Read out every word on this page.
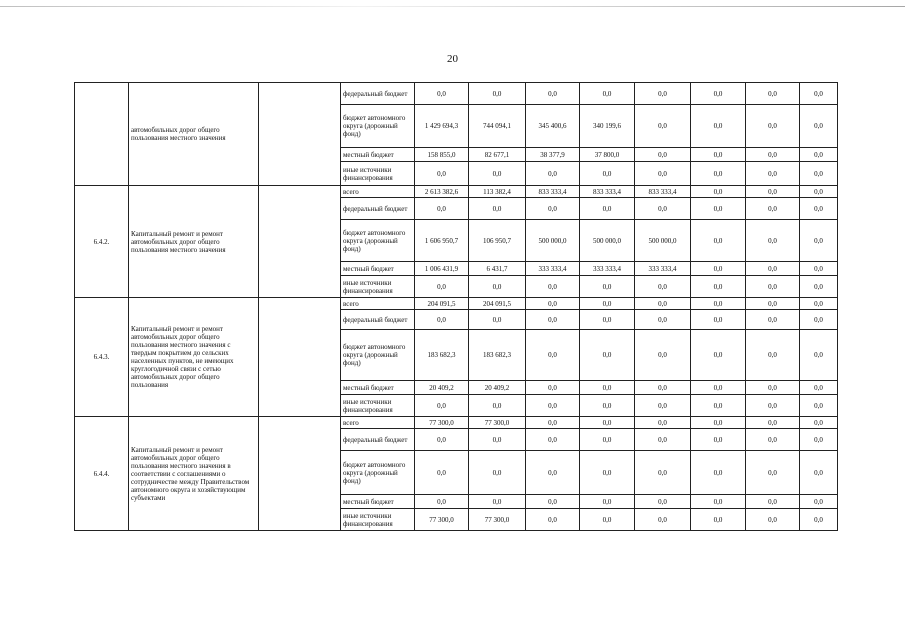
20
	автомобильных дорог общего пользования местного значения		федеральный бюджет	0,0	0,0	0,0	0,0	0,0	0,0	0,0	0,0
			бюджет автономного округа (дорожный фонд)	1 429 694,3	744 094,1	345 400,6	340 199,6	0,0	0,0	0,0	0,0
			местный бюджет	158 855,0	82 677,1	38 377,9	37 800,0	0,0	0,0	0,0	0,0
			иные источники финансирования	0,0	0,0	0,0	0,0	0,0	0,0	0,0	0,0
6.4.2.	Капитальный ремонт и ремонт автомобильных дорог общего пользования местного значения		всего	2 613 382,6	113 382,4	833 333,4	833 333,4	833 333,4	0,0	0,0	0,0
			федеральный бюджет	0,0	0,0	0,0	0,0	0,0	0,0	0,0	0,0
			бюджет автономного округа (дорожный фонд)	1 606 950,7	106 950,7	500 000,0	500 000,0	500 000,0	0,0	0,0	0,0
			местный бюджет	1 006 431,9	6 431,7	333 333,4	333 333,4	333 333,4	0,0	0,0	0,0
			иные источники финансирования	0,0	0,0	0,0	0,0	0,0	0,0	0,0	0,0
6.4.3.	Капитальный ремонт и ремонт автомобильных дорог общего пользования местного значения с твердым покрытием до сельских населенных пунктов, не имеющих круглогодичной связи с сетью автомобильных дорог общего пользования		всего	204 091,5	204 091,5	0,0	0,0	0,0	0,0	0,0	0,0
			федеральный бюджет	0,0	0,0	0,0	0,0	0,0	0,0	0,0	0,0
			бюджет автономного округа (дорожный фонд)	183 682,3	183 682,3	0,0	0,0	0,0	0,0	0,0	0,0
			местный бюджет	20 409,2	20 409,2	0,0	0,0	0,0	0,0	0,0	0,0
			иные источники финансирования	0,0	0,0	0,0	0,0	0,0	0,0	0,0	0,0
6.4.4.	Капитальный ремонт и ремонт автомобильных дорог общего пользования местного значения в соответствии с соглашениями о сотрудничестве между Правительством автономного округа и хозяйствующим субъектами		всего	77 300,0	77 300,0	0,0	0,0	0,0	0,0	0,0	0,0
			федеральный бюджет	0,0	0,0	0,0	0,0	0,0	0,0	0,0	0,0
			бюджет автономного округа (дорожный фонд)	0,0	0,0	0,0	0,0	0,0	0,0	0,0	0,0
			местный бюджет	0,0	0,0	0,0	0,0	0,0	0,0	0,0	0,0
			иные источники финансирования	77 300,0	77 300,0	0,0	0,0	0,0	0,0	0,0	0,0
